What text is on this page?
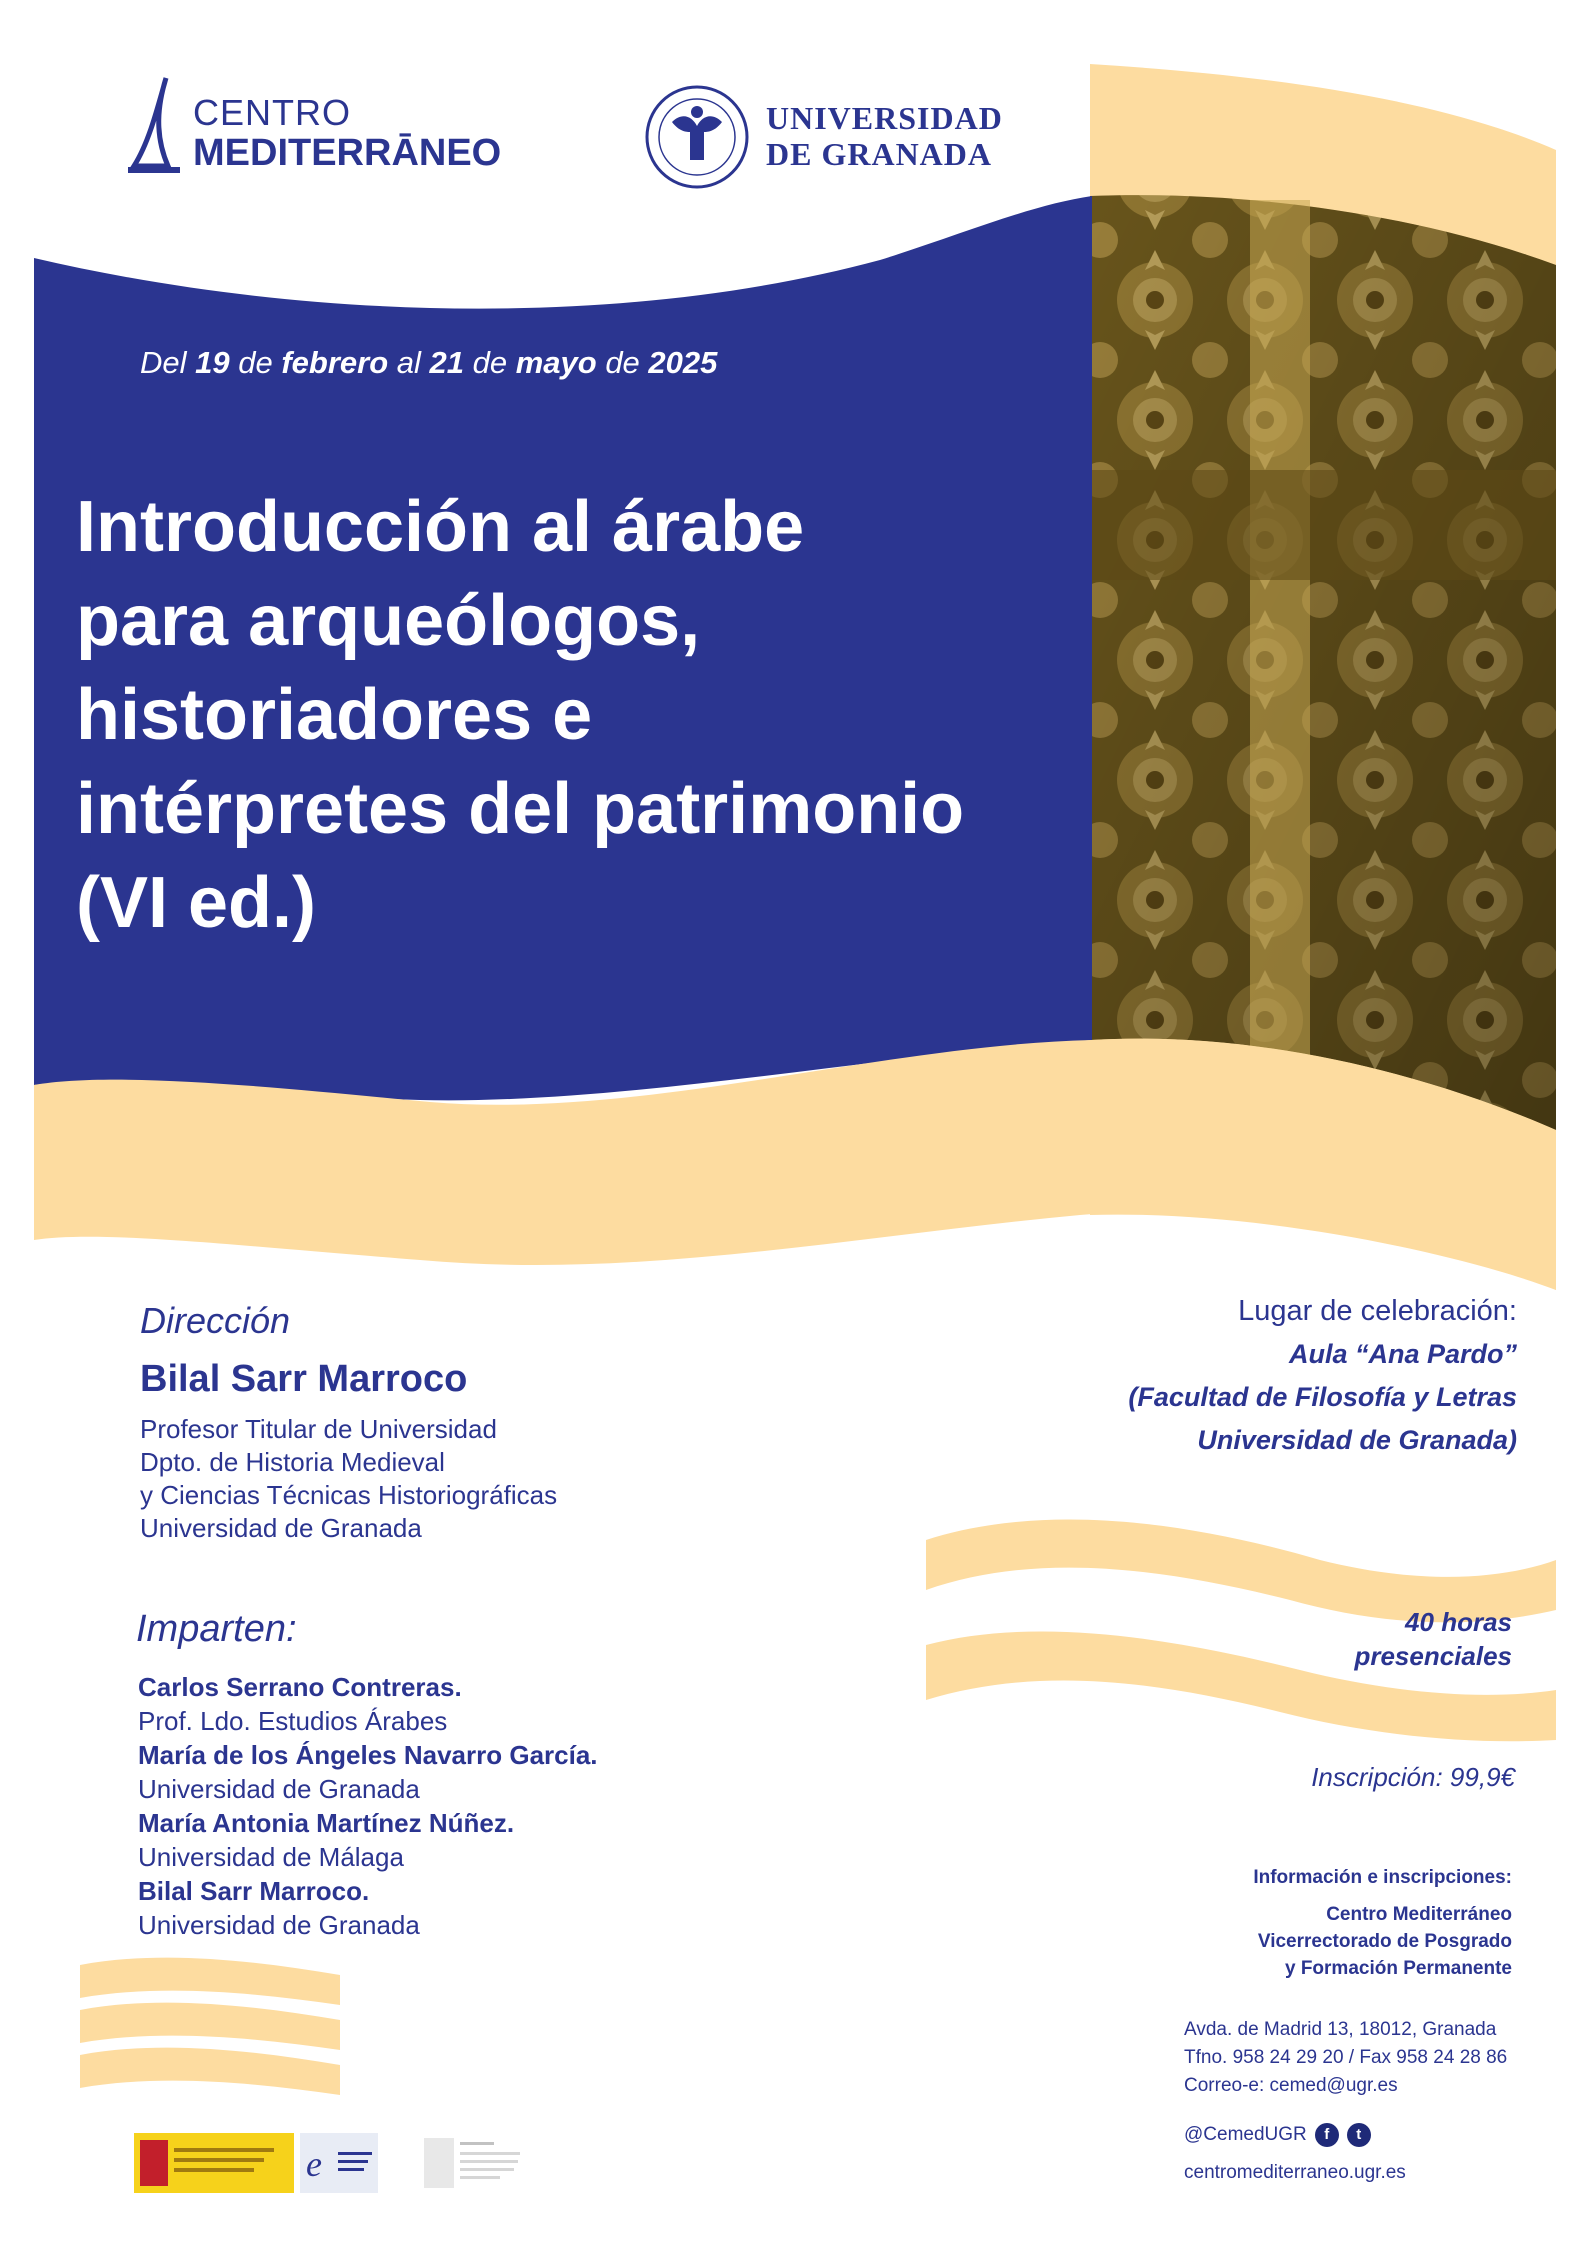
CENTRO
MEDITERRĀNEO
UNIVERSIDAD
DE GRANADA
Del 19 de febrero al 21 de mayo de 2025
Introducción al árabe
para arqueólogos,
historiadores e
intérpretes del patrimonio
(VI ed.)
Dirección
Bilal Sarr Marroco
Profesor Titular de Universidad
Dpto. de Historia Medieval
y Ciencias Técnicas Historiográficas
Universidad de Granada
Imparten:
Carlos Serrano Contreras.
Prof. Ldo. Estudios Árabes
María de los Ángeles Navarro García.
Universidad de Granada
María Antonia Martínez Núñez.
Universidad de Málaga
Bilal Sarr Marroco.
Universidad de Granada
Lugar de celebración:
Aula “Ana Pardo”
(Facultad de Filosofía y Letras
Universidad de Granada)
40 horas
presenciales
Inscripción: 99,9€
Información e inscripciones:
Centro Mediterráneo
Vicerrectorado de Posgrado
y Formación Permanente
Avda. de Madrid 13, 18012, Granada
Tfno. 958 24 29 20 / Fax 958 24 28 86
Correo-e: cemed@ugr.es
@CemedUGR	f	t
centromediterraneo.ugr.es
e
